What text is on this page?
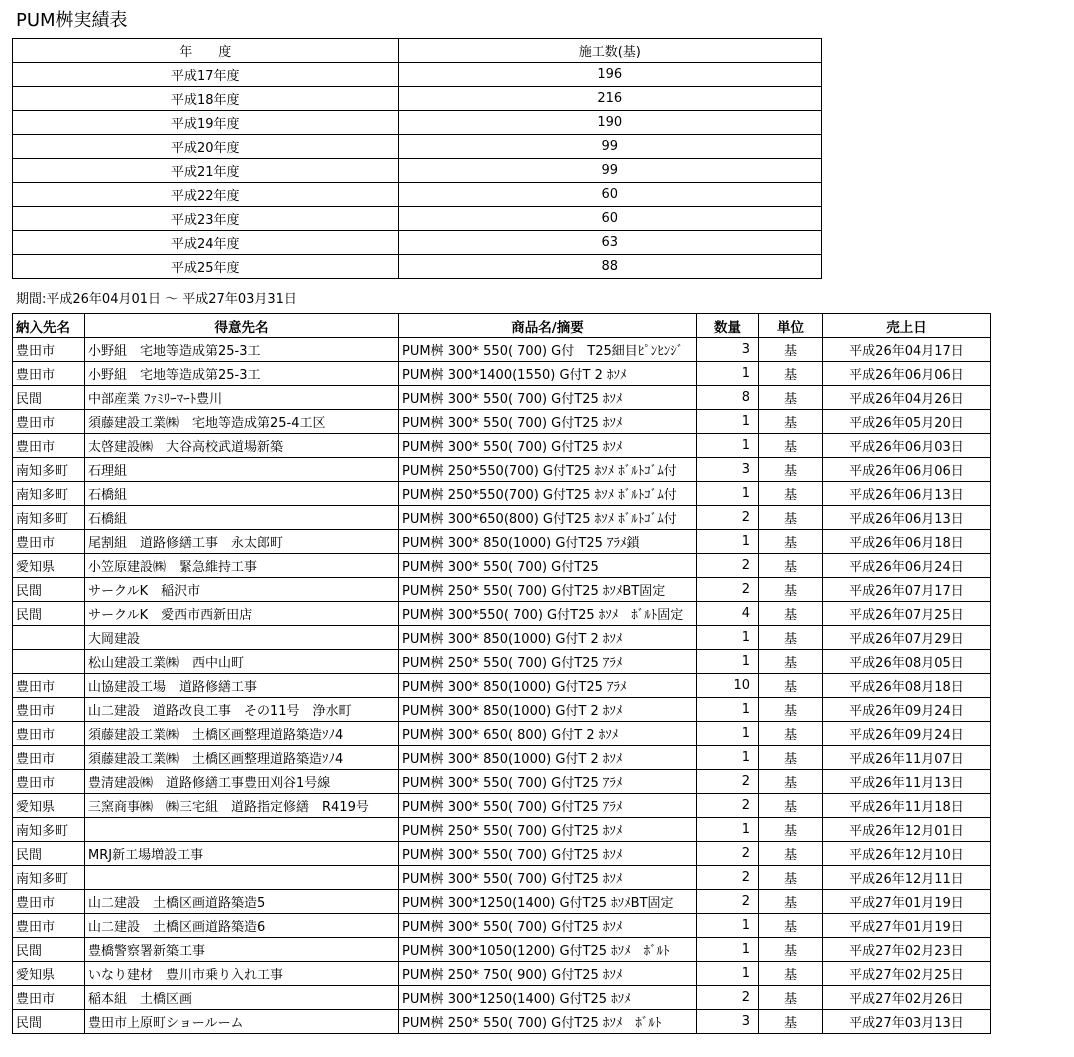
PUM桝実績表
年　　度	施工数(基)
平成17年度	196
平成18年度	216
平成19年度	190
平成20年度	99
平成21年度	99
平成22年度	60
平成23年度	60
平成24年度	63
平成25年度	88
期間:平成26年04月01日 ～ 平成27年03月31日
納入先名	得意先名	商品名/摘要	数量	単位	売上日
豊田市	小野組　宅地等造成第25-3工	PUM桝 300* 550( 700) G付　T25細目ﾋﾟﾝﾋﾝｼﾞ	3	基	平成26年04月17日
豊田市	小野組　宅地等造成第25-3工	PUM桝 300*1400(1550) G付T 2 ﾎｿﾒ	1	基	平成26年06月06日
民間	中部産業 ﾌｧﾐﾘｰﾏｰﾄ豊川	PUM桝 300* 550( 700) G付T25 ﾎｿﾒ	8	基	平成26年04月26日
豊田市	須藤建設工業㈱　宅地等造成第25-4工区	PUM桝 300* 550( 700) G付T25 ﾎｿﾒ	1	基	平成26年05月20日
豊田市	太啓建設㈱　大谷高校武道場新築	PUM桝 300* 550( 700) G付T25 ﾎｿﾒ	1	基	平成26年06月03日
南知多町	石理組	PUM桝 250*550(700) G付T25 ﾎｿﾒ ﾎﾞﾙﾄｺﾞﾑ付	3	基	平成26年06月06日
南知多町	石橋組	PUM桝 250*550(700) G付T25 ﾎｿﾒ ﾎﾞﾙﾄｺﾞﾑ付	1	基	平成26年06月13日
南知多町	石橋組	PUM桝 300*650(800) G付T25 ﾎｿﾒ ﾎﾞﾙﾄｺﾞﾑ付	2	基	平成26年06月13日
豊田市	尾割組　道路修繕工事　永太郎町	PUM桝 300* 850(1000) G付T25 ｱﾗﾒ鎖	1	基	平成26年06月18日
愛知県	小笠原建設㈱　緊急維持工事	PUM桝 300* 550( 700) G付T25	2	基	平成26年06月24日
民間	サークルK　稲沢市	PUM桝 250* 550( 700) G付T25 ﾎｿﾒBT固定	2	基	平成26年07月17日
民間	サークルK　愛西市西新田店	PUM桝 300*550( 700) G付T25 ﾎｿﾒ　ﾎﾞﾙﾄ固定	4	基	平成26年07月25日
	大岡建設	PUM桝 300* 850(1000) G付T 2 ﾎｿﾒ	1	基	平成26年07月29日
	松山建設工業㈱　西中山町	PUM桝 250* 550( 700) G付T25 ｱﾗﾒ	1	基	平成26年08月05日
豊田市	山協建設工場　道路修繕工事	PUM桝 300* 850(1000) G付T25 ｱﾗﾒ	10	基	平成26年08月18日
豊田市	山二建設　道路改良工事　その11号　浄水町	PUM桝 300* 850(1000) G付T 2 ﾎｿﾒ	1	基	平成26年09月24日
豊田市	須藤建設工業㈱　土橋区画整理道路築造ｿﾉ4	PUM桝 300* 650( 800) G付T 2 ﾎｿﾒ	1	基	平成26年09月24日
豊田市	須藤建設工業㈱　土橋区画整理道路築造ｿﾉ4	PUM桝 300* 850(1000) G付T 2 ﾎｿﾒ	1	基	平成26年11月07日
豊田市	豊清建設㈱　道路修繕工事豊田刈谷1号線	PUM桝 300* 550( 700) G付T25 ｱﾗﾒ	2	基	平成26年11月13日
愛知県	三窯商事㈱　㈱三宅組　道路指定修繕　R419号	PUM桝 300* 550( 700) G付T25 ｱﾗﾒ	2	基	平成26年11月18日
南知多町		PUM桝 250* 550( 700) G付T25 ﾎｿﾒ	1	基	平成26年12月01日
民間	MRJ新工場増設工事	PUM桝 300* 550( 700) G付T25 ﾎｿﾒ	2	基	平成26年12月10日
南知多町		PUM桝 300* 550( 700) G付T25 ﾎｿﾒ	2	基	平成26年12月11日
豊田市	山二建設　土橋区画道路築造5	PUM桝 300*1250(1400) G付T25 ﾎｿﾒBT固定	2	基	平成27年01月19日
豊田市	山二建設　土橋区画道路築造6	PUM桝 300* 550( 700) G付T25 ﾎｿﾒ	1	基	平成27年01月19日
民間	豊橋警察署新築工事	PUM桝 300*1050(1200) G付T25 ﾎｿﾒ　ﾎﾞﾙﾄ	1	基	平成27年02月23日
愛知県	いなり建材　豊川市乗り入れ工事	PUM桝 250* 750( 900) G付T25 ﾎｿﾒ	1	基	平成27年02月25日
豊田市	稲本組　土橋区画	PUM桝 300*1250(1400) G付T25 ﾎｿﾒ	2	基	平成27年02月26日
民間	豊田市上原町ショールーム	PUM桝 250* 550( 700) G付T25 ﾎｿﾒ　ﾎﾞﾙﾄ	3	基	平成27年03月13日
